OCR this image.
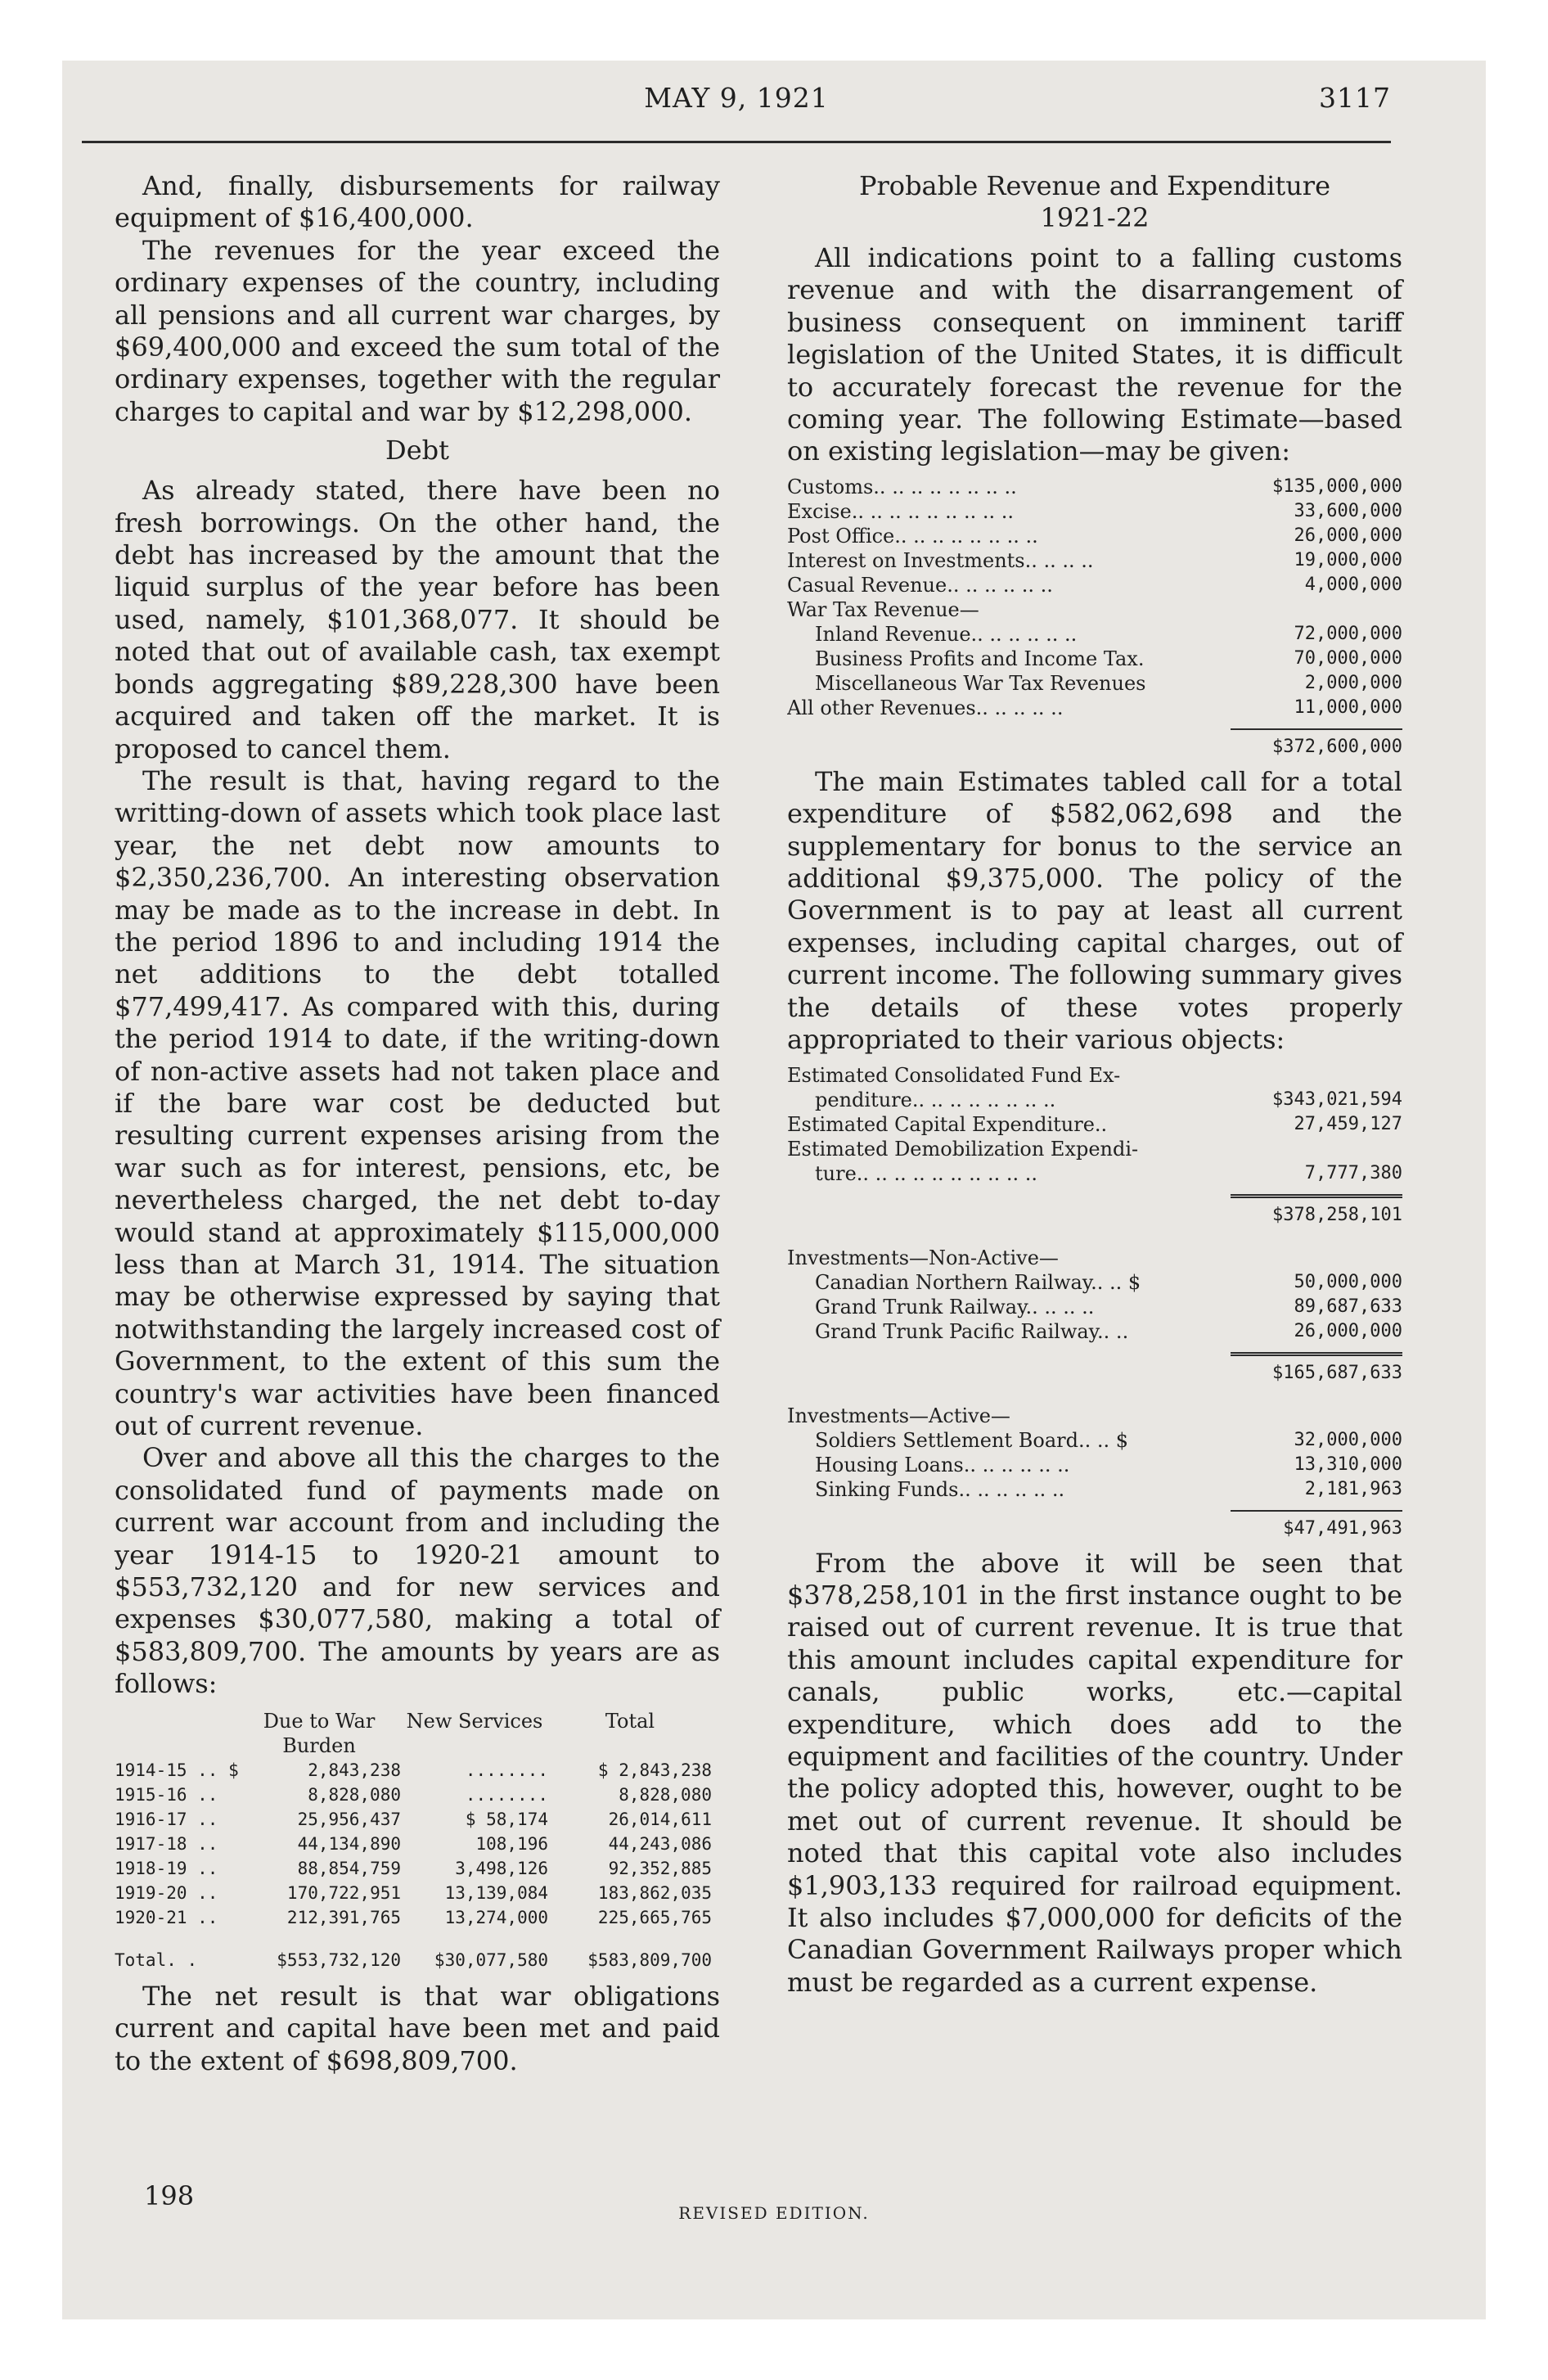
MAY 9, 1921	3117

And, finally, disbursements for railway equipment of $16,400,000.

The revenues for the year exceed the ordinary expenses of the country, including all pensions and all current war charges, by $69,400,000 and exceed the sum total of the ordinary expenses, together with the regular charges to capital and war by $12,298,000.

Debt

As already stated, there have been no fresh borrowings. On the other hand, the debt has increased by the amount that the liquid surplus of the year before has been used, namely, $101,368,077. It should be noted that out of available cash, tax exempt bonds aggregating $89,228,300 have been acquired and taken off the market. It is proposed to cancel them.

The result is that, having regard to the writting-down of assets which took place last year, the net debt now amounts to $2,350,236,700. An interesting observation may be made as to the increase in debt. In the period 1896 to and including 1914 the net additions to the debt totalled $77,499,417. As compared with this, during the period 1914 to date, if the writing-down of non-active assets had not taken place and if the bare war cost be deducted but resulting current expenses arising from the war such as for interest, pensions, etc, be nevertheless charged, the net debt to-day would stand at approximately $115,000,000 less than at March 31, 1914. The situation may be otherwise expressed by saying that notwithstanding the largely increased cost of Government, to the extent of this sum the country's war activities have been financed out of current revenue.

Over and above all this the charges to the consolidated fund of payments made on current war account from and including the year 1914-15 to 1920-21 amount to $553,732,120 and for new services and expenses $30,077,580, making a total of $583,809,700. The amounts by years are as follows:

Due to War Burden
New Services	Total
1914-15 .. $	2,843,238	........	$ 2,843,238
1915-16 ..	8,828,080	........	8,828,080
1916-17 ..	25,956,437	$ 58,174	26,014,611
1917-18 ..	44,134,890	108,196	44,243,086
1918-19 ..	88,854,759	3,498,126	92,352,885
1919-20 ..	170,722,951	13,139,084	183,862,035
1920-21 ..	212,391,765	13,274,000	225,665,765
Total. .	$553,732,120	$30,077,580	$583,809,700

The net result is that war obligations current and capital have been met and paid to the extent of $698,809,700.

Probable Revenue and Expenditure
1921-22

All indications point to a falling customs revenue and with the disarrangement of business consequent on imminent tariff legislation of the United States, it is difficult to accurately forecast the revenue for the coming year. The following Estimate—based on existing legislation—may be given:

Customs.. .. .. .. .. .. .. ..	$135,000,000
Excise.. .. .. .. .. .. .. .. ..	33,600,000
Post Office.. .. .. .. .. .. .. ..	26,000,000
Interest on Investments.. .. .. ..	19,000,000
Casual Revenue.. .. .. .. .. ..	4,000,000
War Tax Revenue—
Inland Revenue.. .. .. .. .. ..	72,000,000
Business Profits and Income Tax.	70,000,000
Miscellaneous War Tax Revenues	2,000,000
All other Revenues.. .. .. .. ..	11,000,000
$372,600,000

The main Estimates tabled call for a total expenditure of $582,062,698 and the supplementary for bonus to the service an additional $9,375,000. The policy of the Government is to pay at least all current expenses, including capital charges, out of current income. The following summary gives the details of these votes properly appropriated to their various objects:

Estimated Consolidated Fund Ex-
penditure.. .. .. .. .. .. .. ..	$343,021,594
Estimated Capital Expenditure..	27,459,127
Estimated Demobilization Expendi-
ture.. .. .. .. .. .. .. .. .. ..	7,777,380
$378,258,101
Investments—Non-Active—
Canadian Northern Railway.. .. $	50,000,000
Grand Trunk Railway.. .. .. ..	89,687,633
Grand Trunk Pacific Railway.. ..	26,000,000
$165,687,633
Investments—Active—
Soldiers Settlement Board.. .. $	32,000,000
Housing Loans.. .. .. .. .. ..	13,310,000
Sinking Funds.. .. .. .. .. ..	2,181,963
$47,491,963

From the above it will be seen that $378,258,101 in the first instance ought to be raised out of current revenue. It is true that this amount includes capital expenditure for canals, public works, etc.—capital expenditure, which does add to the equipment and facilities of the country. Under the policy adopted this, however, ought to be met out of current revenue. It should be noted that this capital vote also includes $1,903,133 required for railroad equipment. It also includes $7,000,000 for deficits of the Canadian Government Railways proper which must be regarded as a current expense.

198
REVISED EDITION.
